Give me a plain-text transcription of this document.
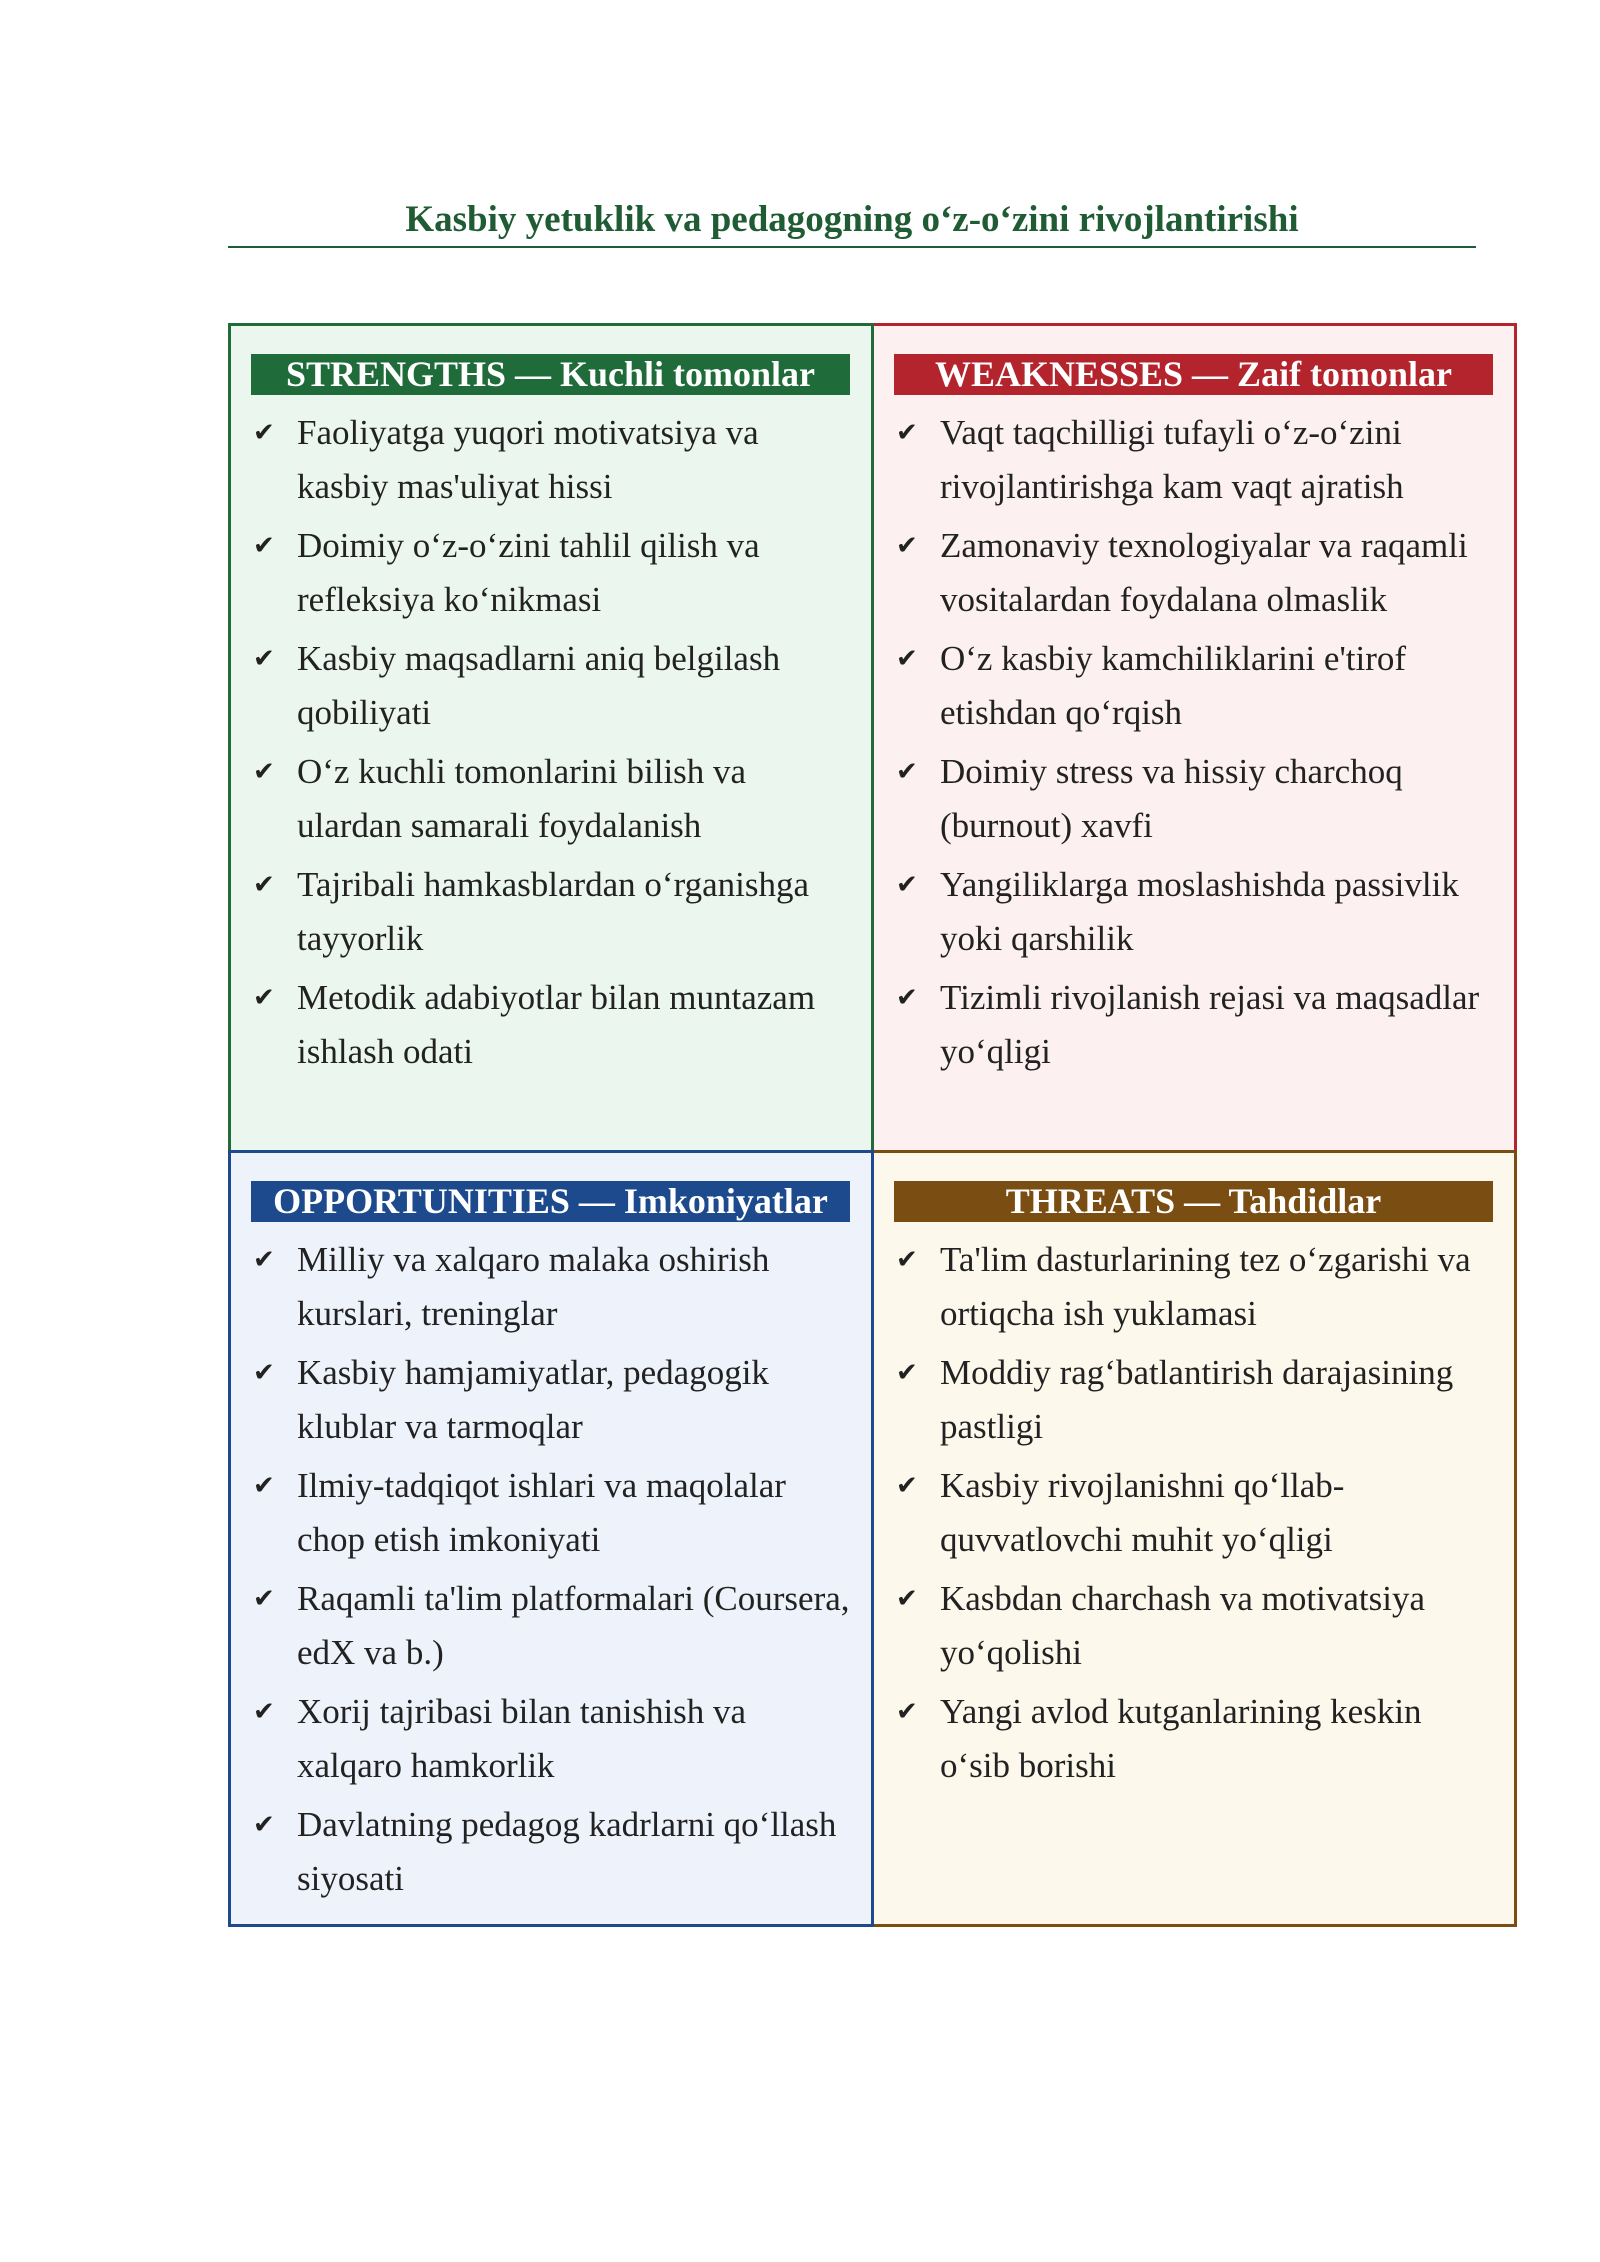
Kasbiy yetuklik va pedagogning o‘z-o‘zini rivojlantirishi
STRENGTHS — Kuchli tomonlar
✔ Faoliyatga yuqori motivatsiya va kasbiy mas'uliyat hissi
✔ Doimiy o‘z-o‘zini tahlil qilish va refleksiya ko‘nikmasi
✔ Kasbiy maqsadlarni aniq belgilash qobiliyati
✔ O‘z kuchli tomonlarini bilish va ulardan samarali foydalanish
✔ Tajribali hamkasblardan o‘rganishga tayyorlik
✔ Metodik adabiyotlar bilan muntazam ishlash odati
WEAKNESSES — Zaif tomonlar
✔ Vaqt taqchilligi tufayli o‘z-o‘zini rivojlantirishga kam vaqt ajratish
✔ Zamonaviy texnologiyalar va raqamli vositalardan foydalana olmaslik
✔ O‘z kasbiy kamchiliklarini e'tirof etishdan qo‘rqish
✔ Doimiy stress va hissiy charchoq (burnout) xavfi
✔ Yangiliklarga moslashishda passivlik yoki qarshilik
✔ Tizimli rivojlanish rejasi va maqsadlar yo‘qligi
OPPORTUNITIES — Imkoniyatlar
✔ Milliy va xalqaro malaka oshirish kurslari, treninglar
✔ Kasbiy hamjamiyatlar, pedagogik klublar va tarmoqlar
✔ Ilmiy-tadqiqot ishlari va maqolalar chop etish imkoniyati
✔ Raqamli ta'lim platformalari (Coursera, edX va b.)
✔ Xorij tajribasi bilan tanishish va xalqaro hamkorlik
✔ Davlatning pedagog kadrlarni qo‘llash siyosati
THREATS — Tahdidlar
✔ Ta'lim dasturlarining tez o‘zgarishi va ortiqcha ish yuklamasi
✔ Moddiy rag‘batlantirish darajasining pastligi
✔ Kasbiy rivojlanishni qo‘llab-quvvatlovchi muhit yo‘qligi
✔ Kasbdan charchash va motivatsiya yo‘qolishi
✔ Yangi avlod kutganlarining keskin o‘sib borishi
